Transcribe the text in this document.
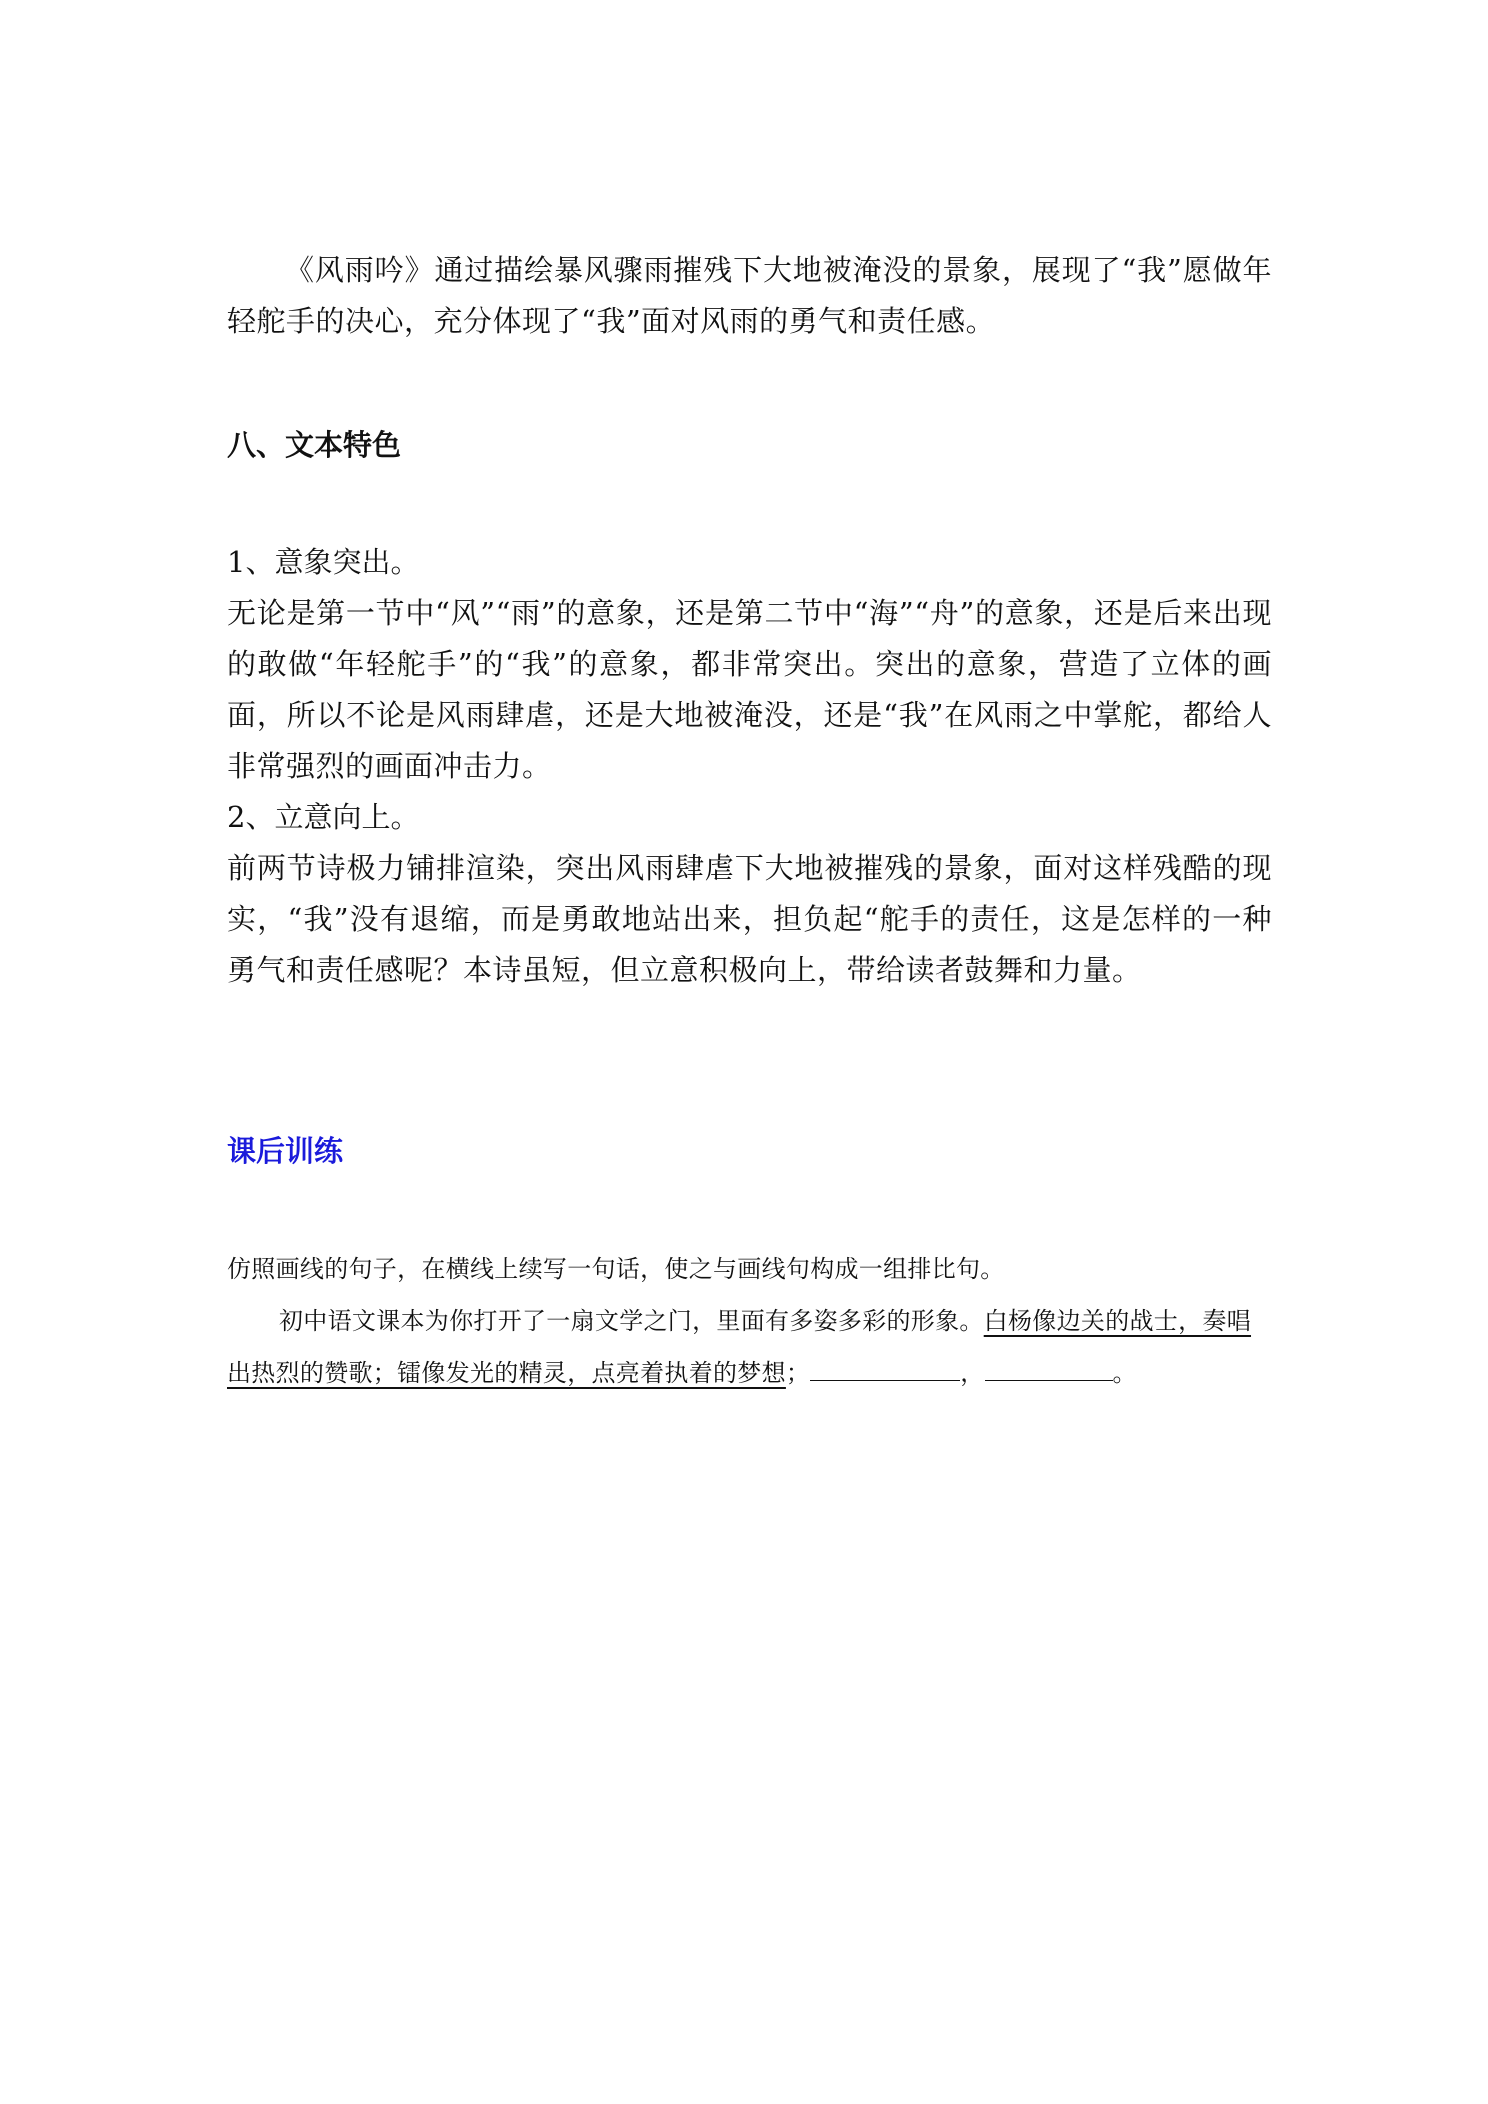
《风雨吟》通过描绘暴风骤雨摧残下大地被淹没的景象，展现了“我”愿做年轻舵手的决心，充分体现了“我”面对风雨的勇气和责任感。

八、文本特色

1、意象突出。

无论是第一节中“风”“雨”的意象，还是第二节中“海”“舟”的意象，还是后来出现的敢做“年轻舵手”的“我”的意象，都非常突出。突出的意象，营造了立体的画面，所以不论是风雨肆虐，还是大地被淹没，还是“我”在风雨之中掌舵，都给人非常强烈的画面冲击力。

2、立意向上。

前两节诗极力铺排渲染，突出风雨肆虐下大地被摧残的景象，面对这样残酷的现实，“我”没有退缩，而是勇敢地站出来，担负起“舵手的责任，这是怎样的一种勇气和责任感呢？本诗虽短，但立意积极向上，带给读者鼓舞和力量。

课后训练

仿照画线的句子，在横线上续写一句话，使之与画线句构成一组排比句。

初中语文课本为你打开了一扇文学之门，里面有多姿多彩的形象。白杨像边关的战士，奏唱出热烈的赞歌；镭像发光的精灵，点亮着执着的梦想；	，	。
